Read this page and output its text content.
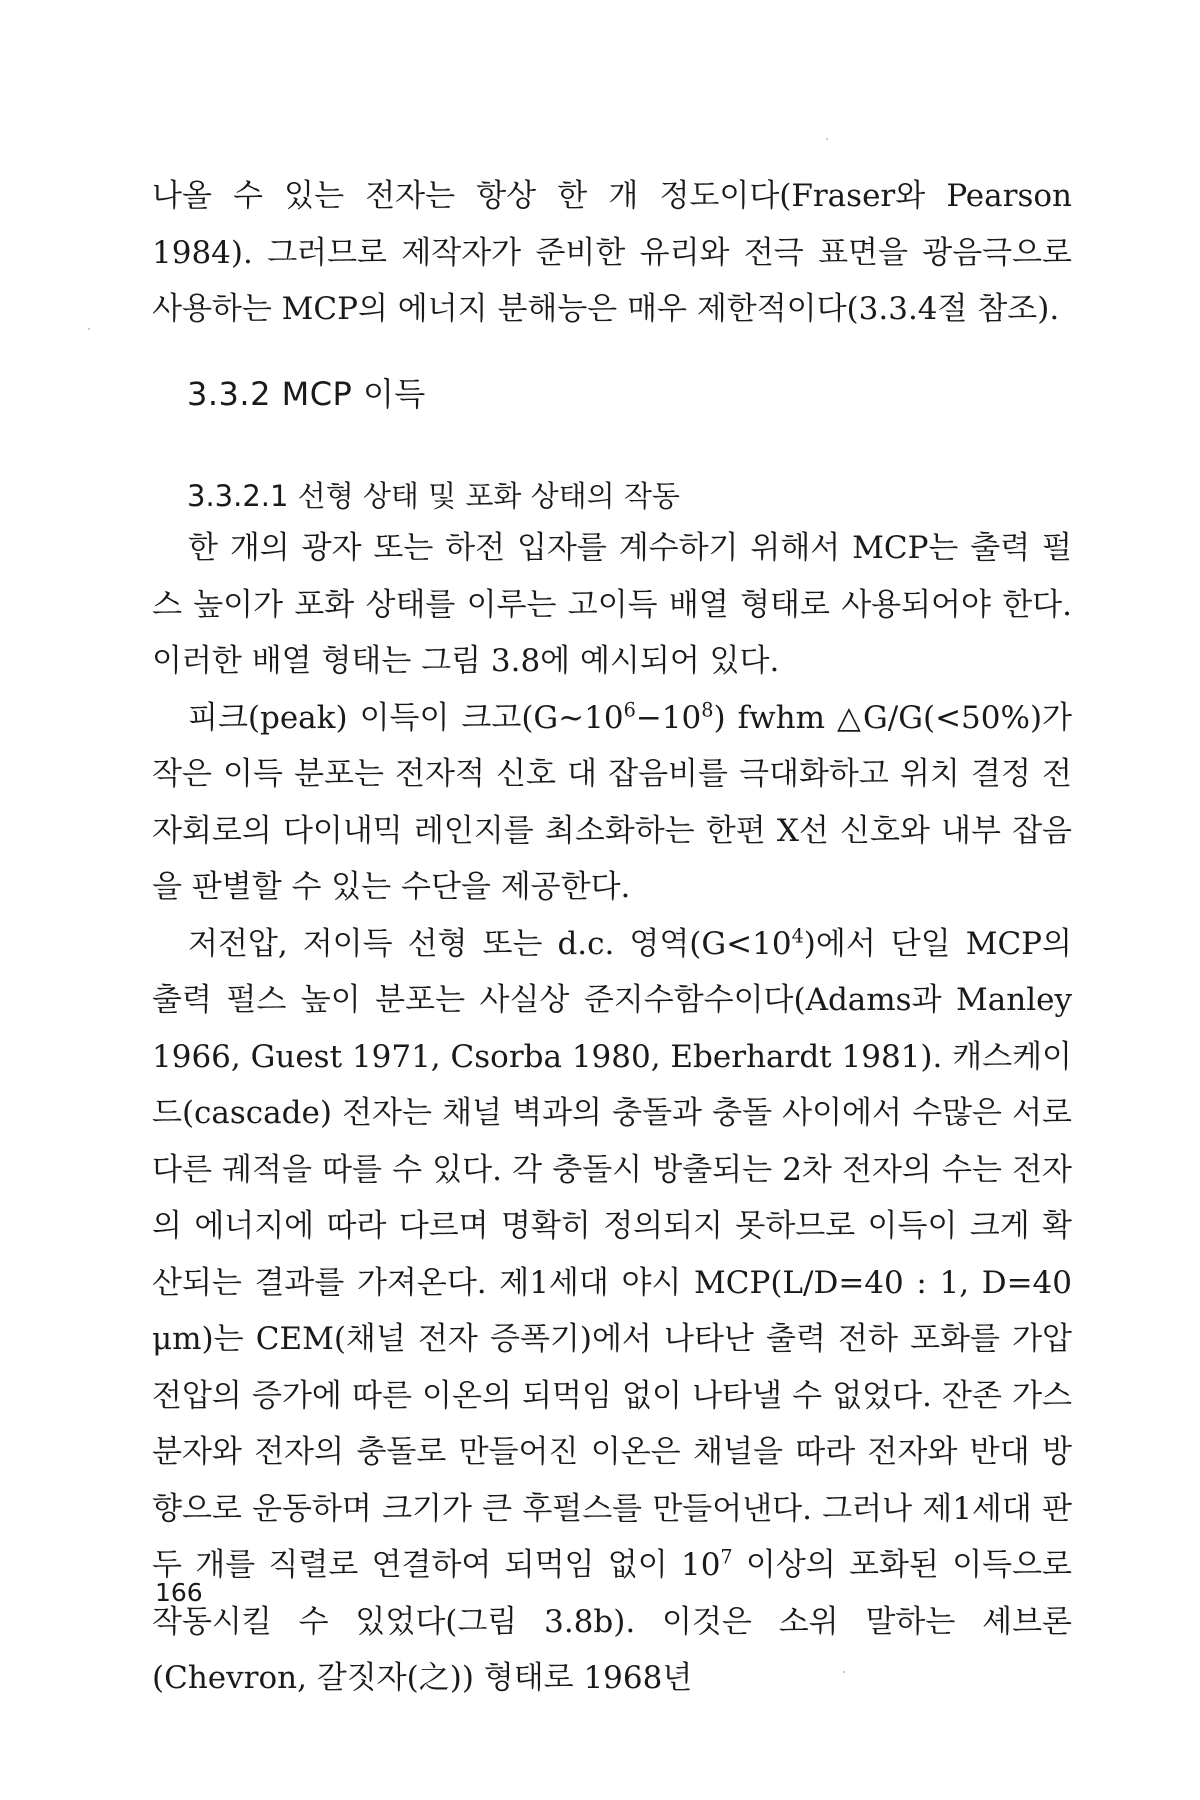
나올 수 있는 전자는 항상 한 개 정도이다(Fraser와 Pearson 1984). 그러므로 제작자가 준비한 유리와 전극 표면을 광음극으로 사용하는 MCP의 에너지 분해능은 매우 제한적이다(3.3.4절 참조).

3.3.2 MCP 이득
3.3.2.1 선형 상태 및 포화 상태의 작동

한 개의 광자 또는 하전 입자를 계수하기 위해서 MCP는 출력 펄스 높이가 포화 상태를 이루는 고이득 배열 형태로 사용되어야 한다. 이러한 배열 형태는 그림 3.8에 예시되어 있다.

피크(peak) 이득이 크고$(G\sim 10^6-10^8)$ fwhm △G/G(<50%)가 작은 이득 분포는 전자적 신호 대 잡음비를 극대화하고 위치 결정 전자회로의 다이내믹 레인지를 최소화하는 한편 X선 신호와 내부 잡음을 판별할 수 있는 수단을 제공한다.

저전압, 저이득 선형 또는 d.c. 영역$(G<10^4)$에서 단일 MCP의 출력 펄스 높이 분포는 사실상 준지수함수이다(Adams과 Manley 1966, Guest 1971, Csorba 1980, Eberhardt 1981). 캐스케이드(cascade) 전자는 채널 벽과의 충돌과 충돌 사이에서 수많은 서로 다른 궤적을 따를 수 있다. 각 충돌시 방출되는 2차 전자의 수는 전자의 에너지에 따라 다르며 명확히 정의되지 못하므로 이득이 크게 확산되는 결과를 가져온다. 제1세대 야시 MCP(L/D=40 : 1, D=40 μm)는 CEM(채널 전자 증폭기)에서 나타난 출력 전하 포화를 가압 전압의 증가에 따른 이온의 되먹임 없이 나타낼 수 없었다. 잔존 가스 분자와 전자의 충돌로 만들어진 이온은 채널을 따라 전자와 반대 방향으로 운동하며 크기가 큰 후펄스를 만들어낸다. 그러나 제1세대 판 두 개를 직렬로 연결하여 되먹임 없이 $10^7$ 이상의 포화된 이득으로 작동시킬 수 있었다(그림 3.8b). 이것은 소위 말하는 셰브론(Chevron, 갈짓자(之)) 형태로 1968년

166
